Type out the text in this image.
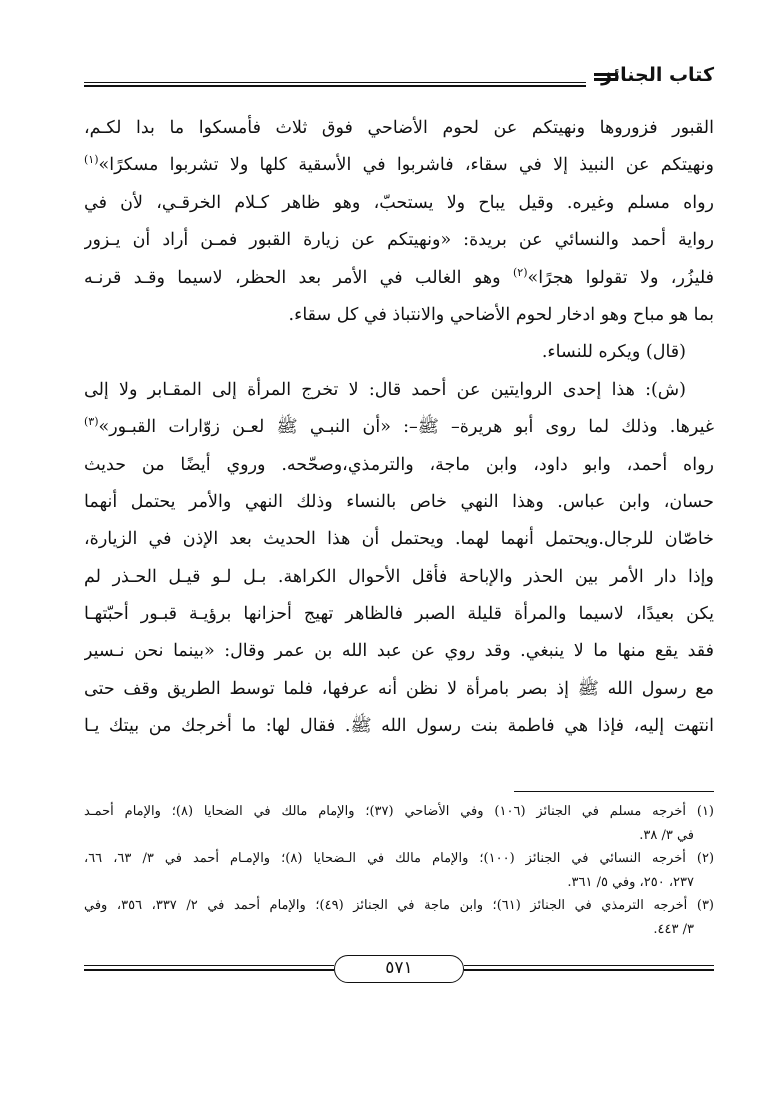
كتاب الجنائز
القبور فزوروها ونهيتكم عن لحوم الأضاحي فوق ثلاث فأمسكوا ما بدا لكـم،
ونهيتكم عن النبيذ إلا في سقاء، فاشربوا في الأسقية كلها ولا تشربوا مسكرًا»$^{(١)}$
رواه مسلم وغيره. وقيل يباح ولا يستحبّ، وهو ظاهر كـلام الخرقـي، لأن في
رواية أحمد والنسائي عن بريدة: «ونهيتكم عن زيارة القبور فمـن أراد أن يـزور
فليزُر، ولا تقولوا هجرًا»$^{(٢)}$ وهو الغالب في الأمر بعد الحظر، لاسيما وقـد قرنـه
بما هو مباح وهو ادخار لحوم الأضاحي والانتباذ في كل سقاء.
(قال) ويكره للنساء.
(ش): هذا إحدى الروايتين عن أحمد قال: لا تخرج المرأة إلى المقـابر ولا إلى
غيرها. وذلك لما روى أبو هريرة– ﷺ–: «أن النبـي ﷺ لعـن زوّارات القبـور»$^{(٣)}$
رواه أحمد، وابو داود، وابن ماجة، والترمذي،وصحّحه. وروي أيضًا من حديث
حسان، وابن عباس. وهذا النهي خاص بالنساء وذلك النهي والأمر يحتمل أنهما
خاصّان للرجال.ويحتمل أنهما لهما. ويحتمل أن هذا الحديث بعد الإذن في الزيارة،
وإذا دار الأمر بين الحذر والإباحة فأقل الأحوال الكراهة. بـل لـو قيـل الحـذر لم
يكن بعيدًا، لاسيما والمرأة قليلة الصبر فالظاهر تهيج أحزانها برؤيـة قبـور أحبّتهـا
فقد يقع منها ما لا ينبغي. وقد روي عن عبد الله بن عمر وقال: «بينما نحن نـسير
مع رسول الله ﷺ إذ بصر بامرأة لا نظن أنه عرفها، فلما توسط الطريق وقف حتى
انتهت إليه، فإذا هي فاطمة بنت رسول الله ﷺ. فقال لها: ما أخرجك من بيتك يـا
(١) أخرجه مسلم في الجنائز (١٠٦) وفي الأضاحي (٣٧)؛ والإمام مالك في الضحايا (٨)؛ والإمام أحمـد
في ٣/ ٣٨.
(٢) أخرجه النسائي في الجنائز (١٠٠)؛ والإمام مالك في الـضحايا (٨)؛ والإمـام أحمد في ٣/ ٦٣، ٦٦،
٢٣٧، ٢٥٠، وفي ٥/ ٣٦١.
(٣) أخرجه الترمذي في الجنائز (٦١)؛ وابن ماجة في الجنائز (٤٩)؛ والإمام أحمد في ٢/ ٣٣٧، ٣٥٦، وفي
٣/ ٤٤٣.
٥٧١
